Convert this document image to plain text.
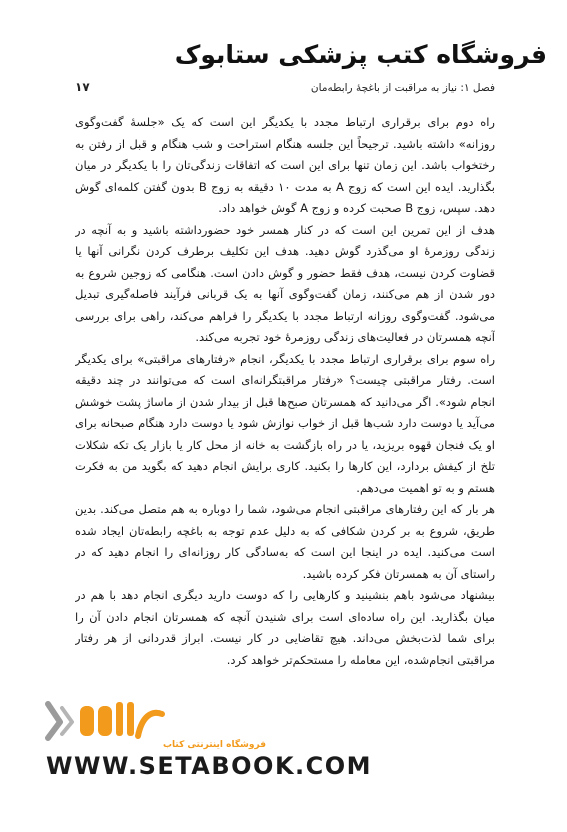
فروشگاه کتب پزشکی ستابوک
فصل ۱: نیاز به مراقبت از باغچهٔ رابطه‌مان
۱۷

راه دوم برای برقراری ارتباط مجدد با یکدیگر این است که یک «جلسهٔ گفت‌وگوی روزانه» داشته باشید. ترجیحاً این جلسه هنگام استراحت و شب هنگام و قبل از رفتن به رختخواب باشد. این زمان تنها برای این است که اتفاقات زندگی‌تان را با یکدیگر در میان بگذارید. ایده این است که زوج A به مدت ۱۰ دقیقه به زوج B بدون گفتن کلمه‌ای گوش دهد. سپس، زوج B صحبت کرده و زوج A گوش خواهد داد.

هدف از این تمرین این است که در کنار همسر خود حضورداشته باشید و به آنچه در زندگی روزمرهٔ او می‌گذرد گوش دهید. هدف این تکلیف برطرف کردن نگرانی آنها یا قضاوت کردن نیست، هدف فقط حضور و گوش دادن است. هنگامی که زوجین شروع به دور شدن از هم می‌کنند، زمان گفت‌وگوی آنها به یک قربانی فرآیند فاصله‌گیری تبدیل می‌شود. گفت‌وگوی روزانه ارتباط مجدد با یکدیگر را فراهم می‌کند، راهی برای بررسی آنچه همسرتان در فعالیت‌های زندگی روزمرهٔ خود تجربه می‌کند.

راه سوم برای برقراری ارتباط مجدد با یکدیگر، انجام «رفتارهای مراقبتی» برای یکدیگر است. رفتار مراقبتی چیست؟ «رفتار مراقبتگرانه‌ای است که می‌توانند در چند دقیقه انجام شود». اگر می‌دانید که همسرتان صبح‌ها قبل از بیدار شدن از ماساژ پشت خوشش می‌آید یا دوست دارد شب‌ها قبل از خواب نوازش شود یا دوست دارد هنگام صبحانه برای او یک فنجان قهوه بریزید، یا در راه بازگشت به خانه از محل کار یا بازار یک تکه شکلات تلخ از کیفش بردارد، این کارها را بکنید. کاری برایش انجام دهید که بگوید من به فکرت هستم و به تو اهمیت می‌دهم.

هر بار که این رفتارهای مراقبتی انجام می‌شود، شما را دوباره به هم متصل می‌کند. بدین طریق، شروع به بر کردن شکافی که به دلیل عدم توجه به باغچه رابطه‌تان ایجاد شده است می‌کنید. ایده در اینجا این است که به‌سادگی کار روزانه‌ای را انجام دهید که در راستای آن به همسرتان فکر کرده باشید.

بیشنهاد می‌شود باهم بنشینید و کارهایی را که دوست دارید دیگری انجام دهد با هم در میان بگذارید. این راه ساده‌ای است برای شنیدن آنچه که همسرتان انجام دادن آن را برای شما لذت‌بخش می‌داند. هیچ تقاضایی در کار نیست. ابراز قدردانی از هر رفتار مراقبتی انجام‌شده، این معامله را مستحکم‌تر خواهد کرد.

فروشگاه اینترنتی کتاب
WWW.SETABOOK.COM
